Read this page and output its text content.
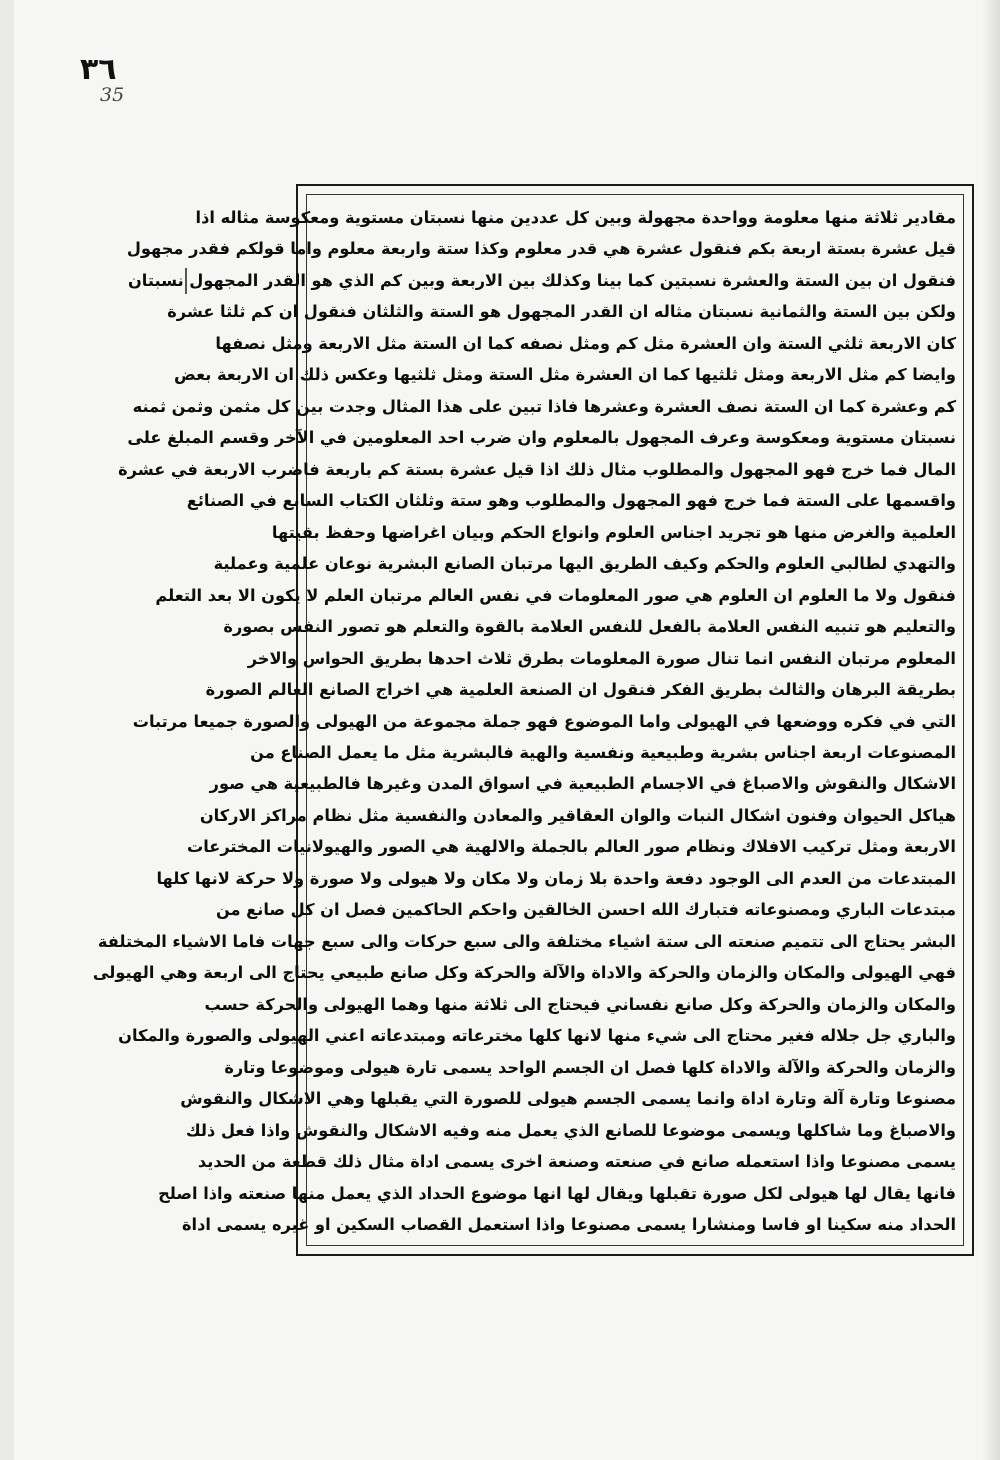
٣٦
35
مقادير ثلاثة منها معلومة وواحدة مجهولة وبين كل عددين منها نسبتان مستوية ومعكوسة مثاله اذا
قيل عشرة بستة اربعة بكم فنقول عشرة هي قدر معلوم وكذا ستة واربعة معلوم واما قولكم فقدر مجهول
فنقول ان بين الستة والعشرة نسبتين كما بينا وكذلك بين الاربعة وبين كم الذي هو القدر المجهول نسبتان
ولكن بين الستة والثمانية نسبتان مثاله ان القدر المجهول هو الستة والثلثان فنقول ان كم ثلثا عشرة
كان الاربعة ثلثي الستة وان العشرة مثل كم ومثل نصفه كما ان الستة مثل الاربعة ومثل نصفها
وايضا كم مثل الاربعة ومثل ثلثيها كما ان العشرة مثل الستة ومثل ثلثيها وعكس ذلك ان الاربعة بعض
كم وعشرة كما ان الستة نصف العشرة وعشرها فاذا تبين على هذا المثال وجدت بين كل مثمن وثمن ثمنه
نسبتان مستوية ومعكوسة وعرف المجهول بالمعلوم وان ضرب احد المعلومين في الآخر وقسم المبلغ على
المال فما خرج فهو المجهول والمطلوب مثال ذلك اذا قيل عشرة بستة كم باربعة فاضرب الاربعة في عشرة
واقسمها على الستة فما خرج فهو المجهول والمطلوب وهو ستة وثلثان الكتاب السابع في الصنائع
العلمية والغرض منها هو تجريد اجناس العلوم وانواع الحكم وبيان اغراضها وحفظ بقيتها
والتهدي لطالبي العلوم والحكم وكيف الطريق اليها مرتبان الصانع البشرية نوعان علمية وعملية
فنقول ولا ما العلوم ان العلوم هي صور المعلومات في نفس العالم مرتبان العلم لا يكون الا بعد التعلم
والتعليم هو تنبيه النفس العلامة بالفعل للنفس العلامة بالقوة والتعلم هو تصور النفس بصورة
المعلوم مرتبان النفس انما تنال صورة المعلومات بطرق ثلاث احدها بطريق الحواس والاخر
بطريقة البرهان والثالث بطريق الفكر فنقول ان الصنعة العلمية هي اخراج الصانع العالم الصورة
التي في فكره ووضعها في الهيولى واما الموضوع فهو جملة مجموعة من الهيولى والصورة جميعا مرتبات
المصنوعات اربعة اجناس بشرية وطبيعية ونفسية والهية فالبشرية مثل ما يعمل الصناع من
الاشكال والنقوش والاصباغ في الاجسام الطبيعية في اسواق المدن وغيرها فالطبيعية هي صور
هياكل الحيوان وفنون اشكال النبات والوان العقاقير والمعادن والنفسية مثل نظام مراكز الاركان
الاربعة ومثل تركيب الافلاك ونظام صور العالم بالجملة والالهية هي الصور والهيولانيات المخترعات
المبتدعات من العدم الى الوجود دفعة واحدة بلا زمان ولا مكان ولا هيولى ولا صورة ولا حركة لانها كلها
مبتدعات الباري ومصنوعاته فتبارك الله احسن الخالقين واحكم الحاكمين فصل ان كل صانع من
البشر يحتاج الى تتميم صنعته الى ستة اشياء مختلفة والى سبع حركات والى سبع جهات فاما الاشياء المختلفة
فهي الهيولى والمكان والزمان والحركة والاداة والآلة والحركة وكل صانع طبيعي يحتاج الى اربعة وهي الهيولى
والمكان والزمان والحركة وكل صانع نفساني فيحتاج الى ثلاثة منها وهما الهيولى والحركة حسب
والباري جل جلاله فغير محتاج الى شيء منها لانها كلها مخترعاته ومبتدعاته اعني الهيولى والصورة والمكان
والزمان والحركة والآلة والاداة كلها فصل ان الجسم الواحد يسمى تارة هيولى وموضوعا وتارة
مصنوعا وتارة آلة وتارة اداة وانما يسمى الجسم هيولى للصورة التي يقبلها وهي الاشكال والنقوش
والاصباغ وما شاكلها ويسمى موضوعا للصانع الذي يعمل منه وفيه الاشكال والنقوش واذا فعل ذلك
يسمى مصنوعا واذا استعمله صانع في صنعته وصنعة اخرى يسمى اداة مثال ذلك قطعة من الحديد
فانها يقال لها هيولى لكل صورة تقبلها ويقال لها انها موضوع الحداد الذي يعمل منها صنعته واذا اصلح
الحداد منه سكينا او فاسا ومنشارا يسمى مصنوعا واذا استعمل القصاب السكين او غيره يسمى اداة
